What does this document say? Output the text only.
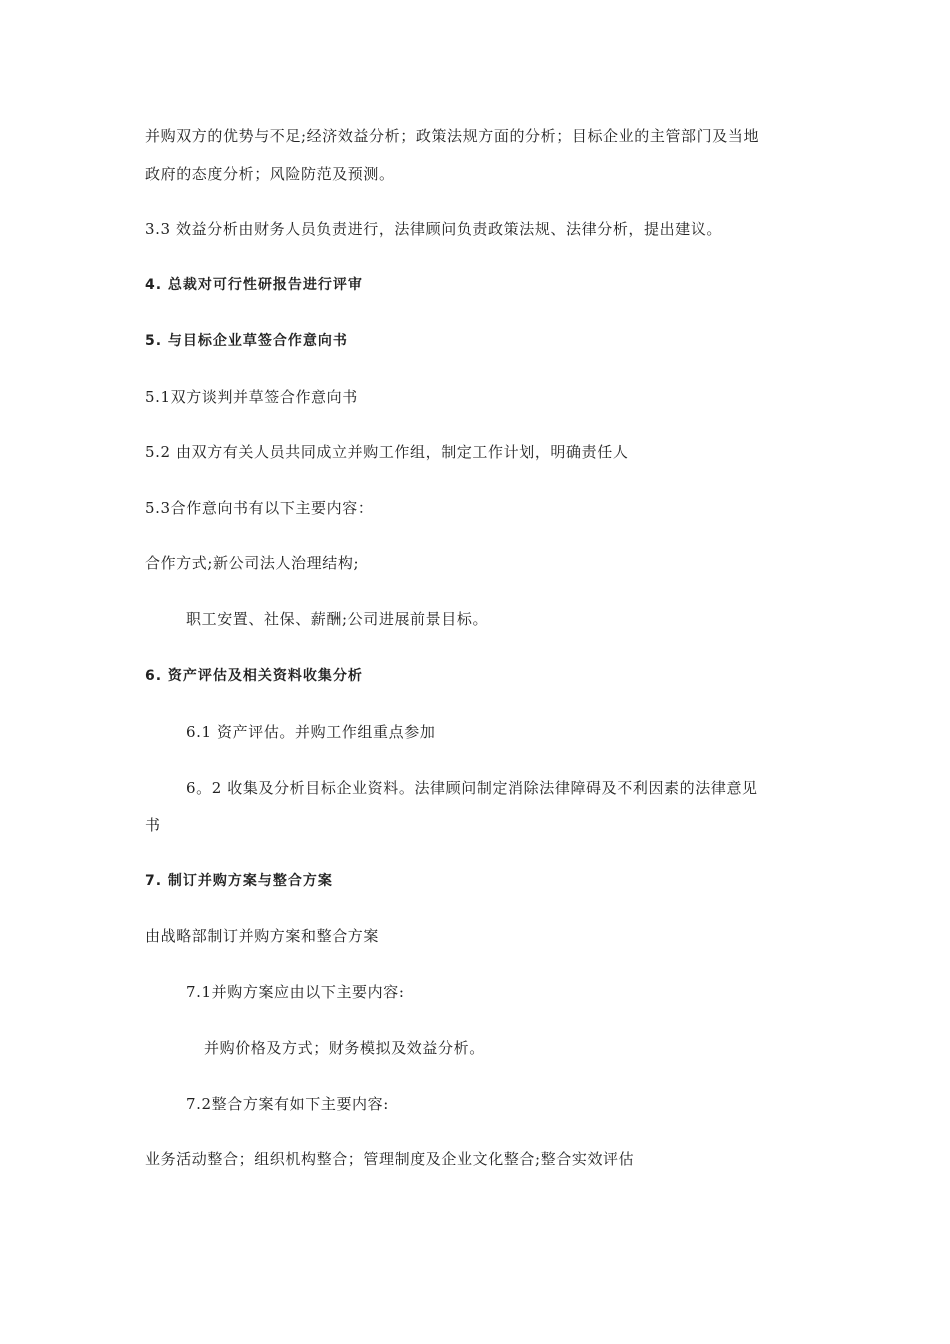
并购双方的优势与不足;经济效益分析；政策法规方面的分析；目标企业的主管部门及当地
政府的态度分析；风险防范及预测。
3.3 效益分析由财务人员负责进行，法律顾问负责政策法规、法律分析，提出建议。
4. 总裁对可行性研报告进行评审
5. 与目标企业草签合作意向书
5.1双方谈判并草签合作意向书
5.2 由双方有关人员共同成立并购工作组，制定工作计划，明确责任人
5.3合作意向书有以下主要内容：
合作方式;新公司法人治理结构;
职工安置、社保、薪酬;公司进展前景目标。
6. 资产评估及相关资料收集分析
6.1 资产评估。并购工作组重点参加
6。2 收集及分析目标企业资料。法律顾问制定消除法律障碍及不利因素的法律意见
书
7. 制订并购方案与整合方案
由战略部制订并购方案和整合方案
7.1并购方案应由以下主要内容:
并购价格及方式；财务模拟及效益分析。
7.2整合方案有如下主要内容:
业务活动整合；组织机构整合；管理制度及企业文化整合;整合实效评估
